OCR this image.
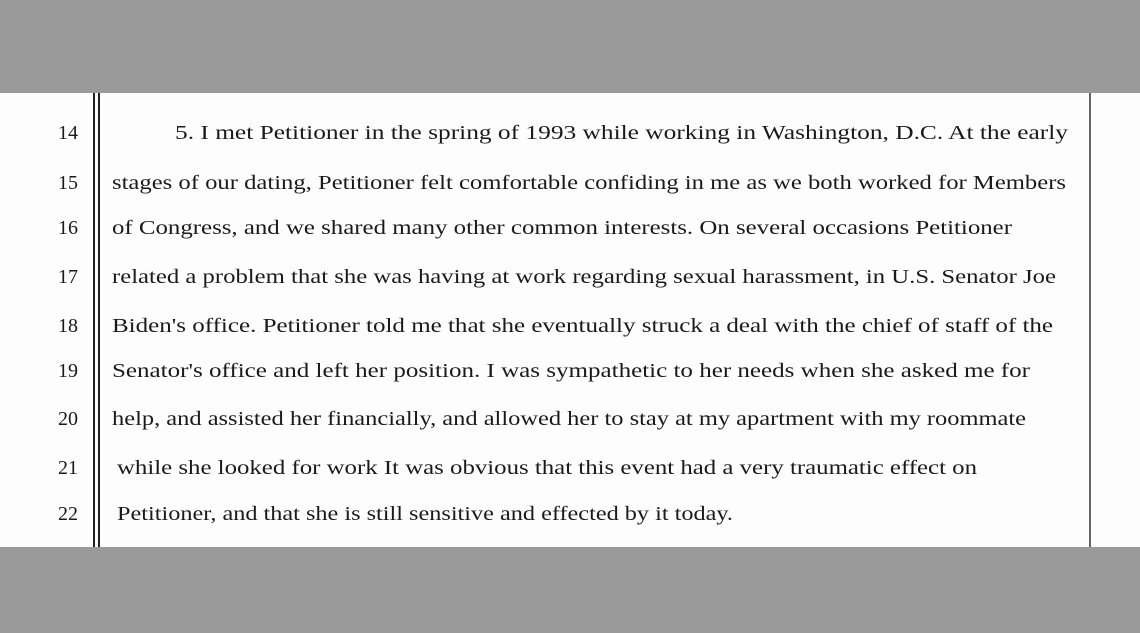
14	5. I met Petitioner in the spring of 1993 while working in Washington, D.C. At the early
15 stages of our dating, Petitioner felt comfortable confiding in me as we both worked for Members
16 of Congress, and we shared many other common interests. On several occasions Petitioner
17 related a problem that she was having at work regarding sexual harassment, in U.S. Senator Joe
18 Biden's office. Petitioner told me that she eventually struck a deal with the chief of staff of the
19 Senator's office and left her position. I was sympathetic to her needs when she asked me for
20 help, and assisted her financially, and allowed her to stay at my apartment with my roommate
21 while she looked for work It was obvious that this event had a very traumatic effect on
22 Petitioner, and that she is still sensitive and effected by it today.
